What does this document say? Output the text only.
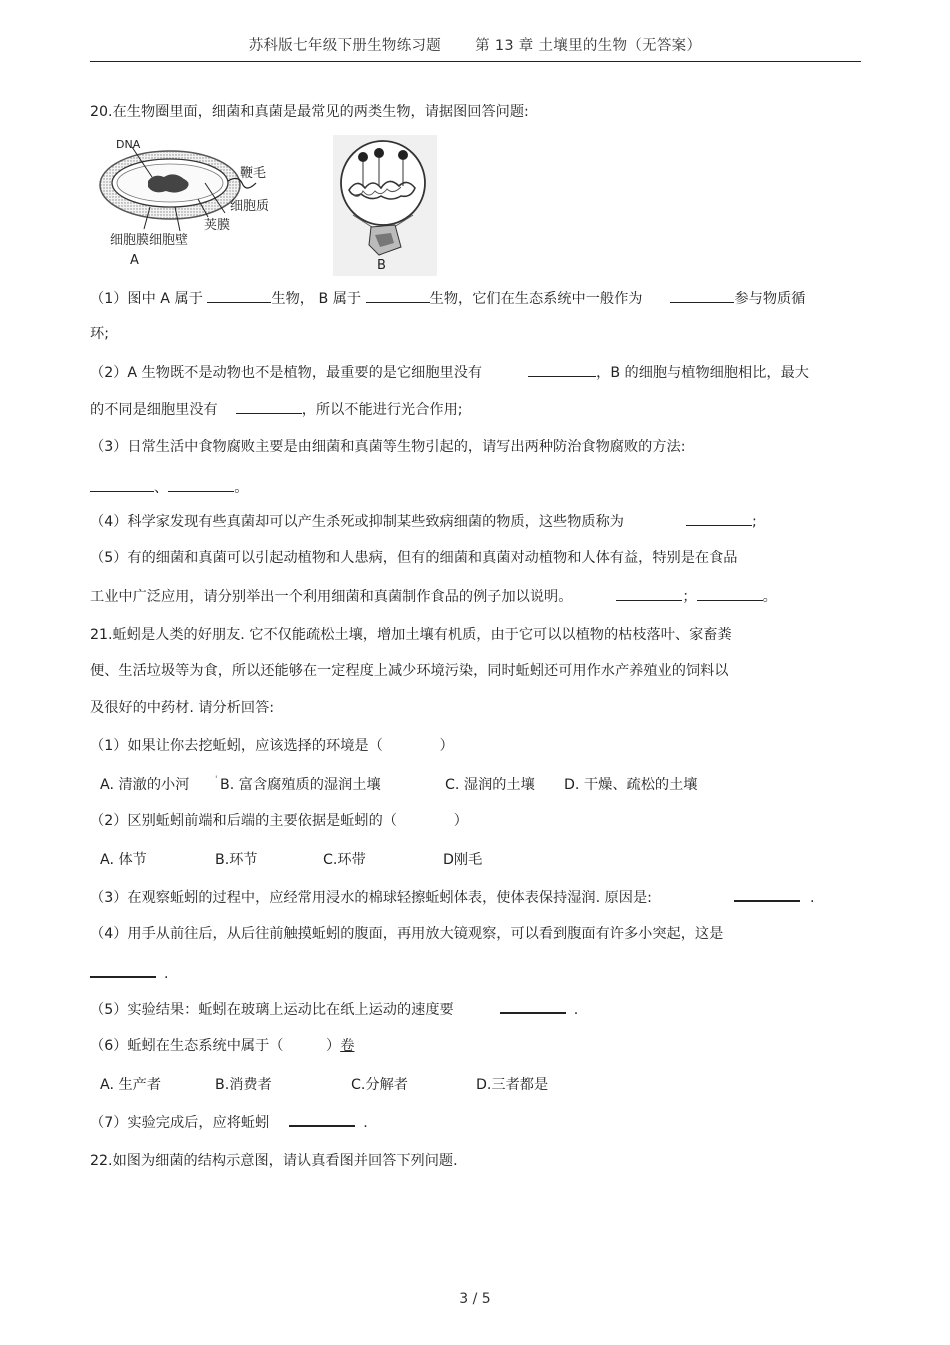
苏科版七年级下册生物练习题 第 13 章 土壤里的生物（无答案）
20.在生物圈里面，细菌和真菌是最常见的两类生物，请据图回答问题:
DNA
鞭毛
细胞质
荚膜
细胞膜细胞壁
A	B
（1）图中 A 属于	生物， B 属于	生物，它们在生态系统中一般作为	参与物质循
环;
（2）A 生物既不是动物也不是植物，最重要的是它细胞里没有	，B 的细胞与植物细胞相比，最大
的不同是细胞里没有	，所以不能进行光合作用;
（3）日常生活中食物腐败主要是由细菌和真菌等生物引起的，请写出两种防治食物腐败的方法:
、	。
（4）科学家发现有些真菌却可以产生杀死或抑制某些致病细菌的物质，这些物质称为	;
（5）有的细菌和真菌可以引起动植物和人患病，但有的细菌和真菌对动植物和人体有益，特别是在食品
工业中广泛应用，请分别举出一个利用细菌和真菌制作食品的例子加以说明。	；	。
21.蚯蚓是人类的好朋友. 它不仅能疏松土壤，增加土壤有机质，由于它可以以植物的枯枝落叶、家畜粪
便、生活垃圾等为食，所以还能够在一定程度上减少环境污染，同时蚯蚓还可用作水产养殖业的饲料以
及很好的中药材. 请分析回答:
（1）如果让你去挖蚯蚓，应该选择的环境是（　　　　）
A. 清澈的小河	' B. 富含腐殖质的湿润土壤	C. 湿润的土壤 D. 干燥、疏松的土壤
（2）区别蚯蚓前端和后端的主要依据是蚯蚓的（　　　　）
A. 体节	B.环节	C.环带	D刚毛
（3）在观察蚯蚓的过程中，应经常用浸水的棉球轻擦蚯蚓体表，使体表保持湿润. 原因是:	.
（4）用手从前往后，从后往前触摸蚯蚓的腹面，再用放大镜观察，可以看到腹面有许多小突起，这是
.
（5）实验结果：蚯蚓在玻璃上运动比在纸上运动的速度要	.
（6）蚯蚓在生态系统中属于（　　　）卷
A. 生产者	B.消费者	C.分解者	D.三者都是
（7）实验完成后，应将蚯蚓	.
22.如图为细菌的结构示意图，请认真看图并回答下列问题.
3 / 5
